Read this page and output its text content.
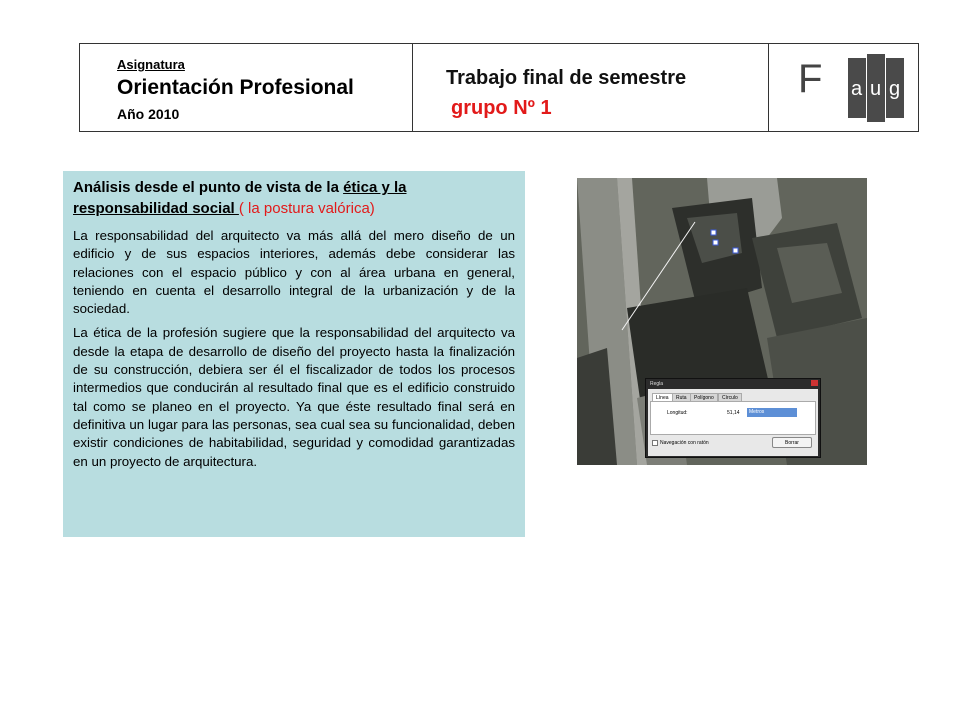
Asignatura
Orientación Profesional
Año 2010
Trabajo final de semestre
grupo Nº 1
F a u g

Análisis desde el punto de vista de la ética y la responsabilidad social ( la postura valórica)

La responsabilidad del arquitecto va más allá del mero diseño de un edificio y de sus espacios interiores, además debe considerar las relaciones con el espacio público y con al área urbana en general, teniendo en cuenta el desarrollo integral de la urbanización y de la sociedad.

La ética de la profesión sugiere que la responsabilidad del arquitecto va desde la etapa de desarrollo de diseño del proyecto hasta la finalización de su construcción, debiera ser él el fiscalizador de todos los procesos intermedios que conducirán al resultado final que es el edificio construido tal como se planeo en el proyecto. Ya que éste resultado final será en definitiva un lugar para las personas, sea cual sea su funcionalidad, deben existir condiciones de habitabilidad, seguridad y comodidad garantizadas en un proyecto de arquitectura.

Regla
Línea	Ruta	Polígono	Círculo
Longitud:	51,14	Metros
Navegación con ratón	Borrar
